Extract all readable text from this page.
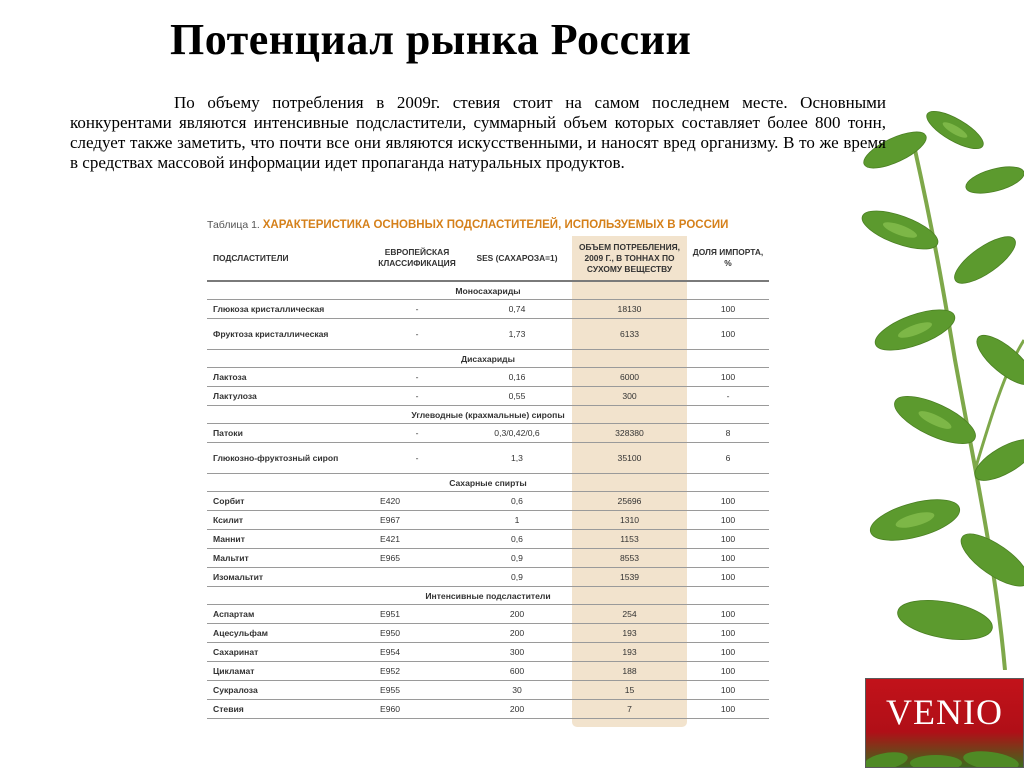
Потенциал рынка России
По объему потребления в 2009г. стевия стоит на самом последнем месте. Основными конкурентами являются интенсивные подсластители, суммарный объем которых составляет более 800 тонн, следует также заметить, что почти все они являются искусственными, и наносят вред организму. В то же время в средствах массовой информации идет пропаганда натуральных продуктов.
Таблица 1. ХАРАКТЕРИСТИКА ОСНОВНЫХ ПОДСЛАСТИТЕЛЕЙ, ИСПОЛЬЗУЕМЫХ В РОССИИ
ПОДСЛАСТИТЕЛИ	ЕВРОПЕЙСКАЯ КЛАССИФИКАЦИЯ	SES (САХАРОЗА=1)	ОБЪЕМ ПОТРЕБЛЕНИЯ, 2009 Г., В ТОННАХ ПО СУХОМУ ВЕЩЕСТВУ	ДОЛЯ ИМПОРТА, %
Моносахариды				
Глюкоза кристаллическая	-	0,74	18130	100
Фруктоза кристаллическая	-	1,73	6133	100
Дисахариды				
Лактоза	-	0,16	6000	100
Лактулоза	-	0,55	300	-
Углеводные (крахмальные) сиропы				
Патоки	-	0,3/0,42/0,6	328380	8
Глюкозно-фруктозный сироп	-	1,3	35100	6
Сахарные спирты				
Сорбит	E420	0,6	25696	100
Ксилит	E967	1	1310	100
Маннит	E421	0,6	1153	100
Мальтит	E965	0,9	8553	100
Изомальтит		0,9	1539	100
Интенсивные подсластители				
Аспартам	E951	200	254	100
Ацесульфам	E950	200	193	100
Сахаринат	E954	300	193	100
Цикламат	E952	600	188	100
Сукралоза	E955	30	15	100
Стевия	E960	200	7	100	VENIO
